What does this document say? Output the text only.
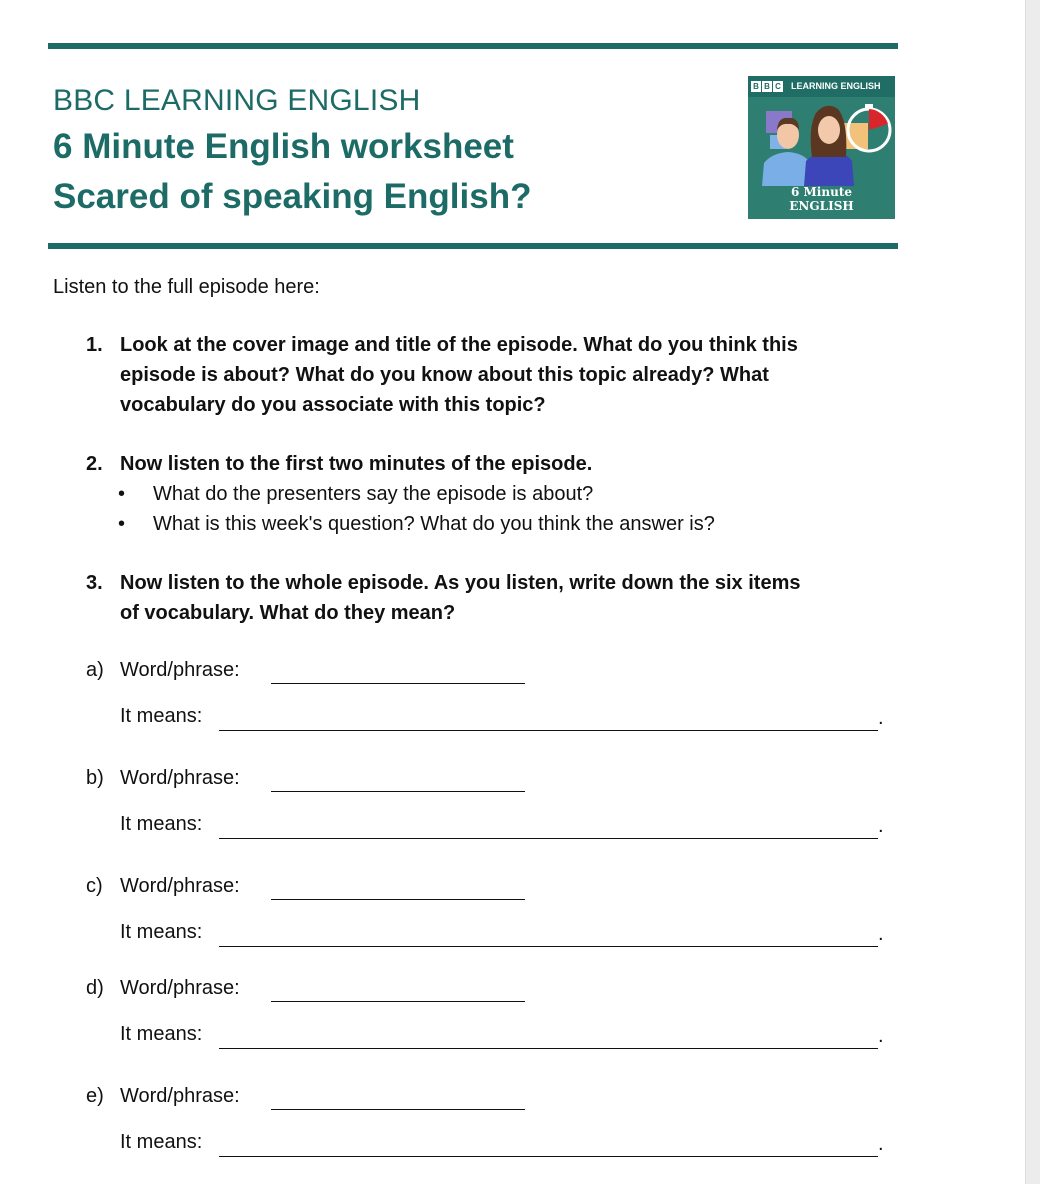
BBC LEARNING ENGLISH
6 Minute English worksheet
Scared of speaking English?
B B C LEARNING ENGLISH
6 Minute
ENGLISH
Listen to the full episode here:
1. Look at the cover image and title of the episode. What do you think this
episode is about? What do you know about this topic already? What
vocabulary do you associate with this topic?
2. Now listen to the first two minutes of the episode.
• What do the presenters say the episode is about?
• What is this week's question? What do you think the answer is?
3. Now listen to the whole episode. As you listen, write down the six items
of vocabulary. What do they mean?
a) Word/phrase:
It means:	.
b) Word/phrase:
It means:	.
c) Word/phrase:
It means:	.
d) Word/phrase:
It means:	.
e) Word/phrase:
It means:	.
